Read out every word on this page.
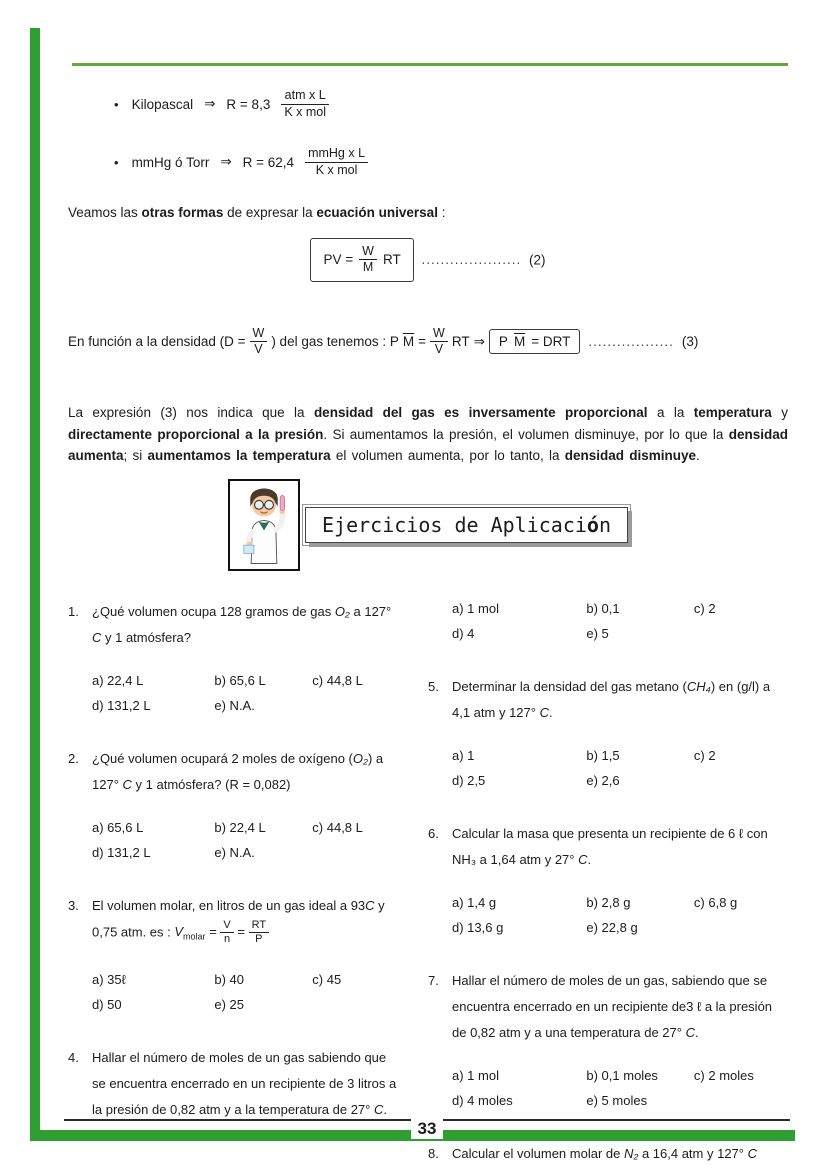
• Kilopascal ⇒ $R = 8,3 \frac{\text{atm x L}}{\text{K x mol}}$
• mmHg ó Torr ⇒ $R = 62,4 \frac{\text{mmHg x L}}{\text{K x mol}}$

Veamos las otras formas de expresar la ecuación universal :

PV = $\frac{W}{M}$ RT ..................... (2)
En función a la densidad ($D = \frac{W}{V}$ ) del gas tenemos : P $\overline{M} = \frac{W}{V}$ RT ⇒ P $\overline{M}$ = DRT .................. (3)

La expresión (3) nos indica que la densidad del gas es inversamente proporcional a la temperatura y directamente proporcional a la presión. Si aumentamos la presión, el volumen disminuye, por lo que la densidad aumenta; si aumentamos la temperatura el volumen aumenta, por lo tanto, la densidad disminuye.

Ejercicios de Aplicación
1.	¿Qué volumen ocupa 128 gramos de gas O₂ a 127° C y 1 atmósfera?

a) 22,4 L	b) 65,6 L	c) 44,8 L
d) 131,2 L	e) N.A.
2.	¿Qué volumen ocupará 2 moles de oxígeno (O₂) a 127° C y 1 atmósfera? (R = 0,082)

a) 65,6 L	b) 22,4 L	c) 44,8 L
d) 131,2 L	e) N.A.
3.	El volumen molar, en litros de un gas ideal a 93C y 0,75 atm. es : $V_{molar} = \frac{V}{n} = \frac{RT}{P}$

a) 35ℓ	b) 40	c) 45
d) 50	e) 25
4.	Hallar el número de moles de un gas sabiendo que se encuentra encerrado en un recipiente de 3 litros a la presión de 0,82 atm y a la temperatura de 27° C.

a) 1 mol	b) 0,1	c) 2
d) 4	e) 5
5.	Determinar la densidad del gas metano (CH₄) en (g/l) a 4,1 atm y 127° C.

a) 1	b) 1,5	c) 2
d) 2,5	e) 2,6
6.	Calcular la masa que presenta un recipiente de 6 ℓ con NH₃ a 1,64 atm y 27° C.

a) 1,4 g	b) 2,8 g	c) 6,8 g
d) 13,6 g	e) 22,8 g
7.	Hallar el número de moles de un gas, sabiendo que se encuentra encerrado en un recipiente de3 ℓ a la presión de 0,82 atm y a una temperatura de 27° C.

a) 1 mol	b) 0,1 moles	c) 2 moles
d) 4 moles	e) 5 moles
8.	Calcular el volumen molar de N₂ a 16,4 atm y 127° C

33
